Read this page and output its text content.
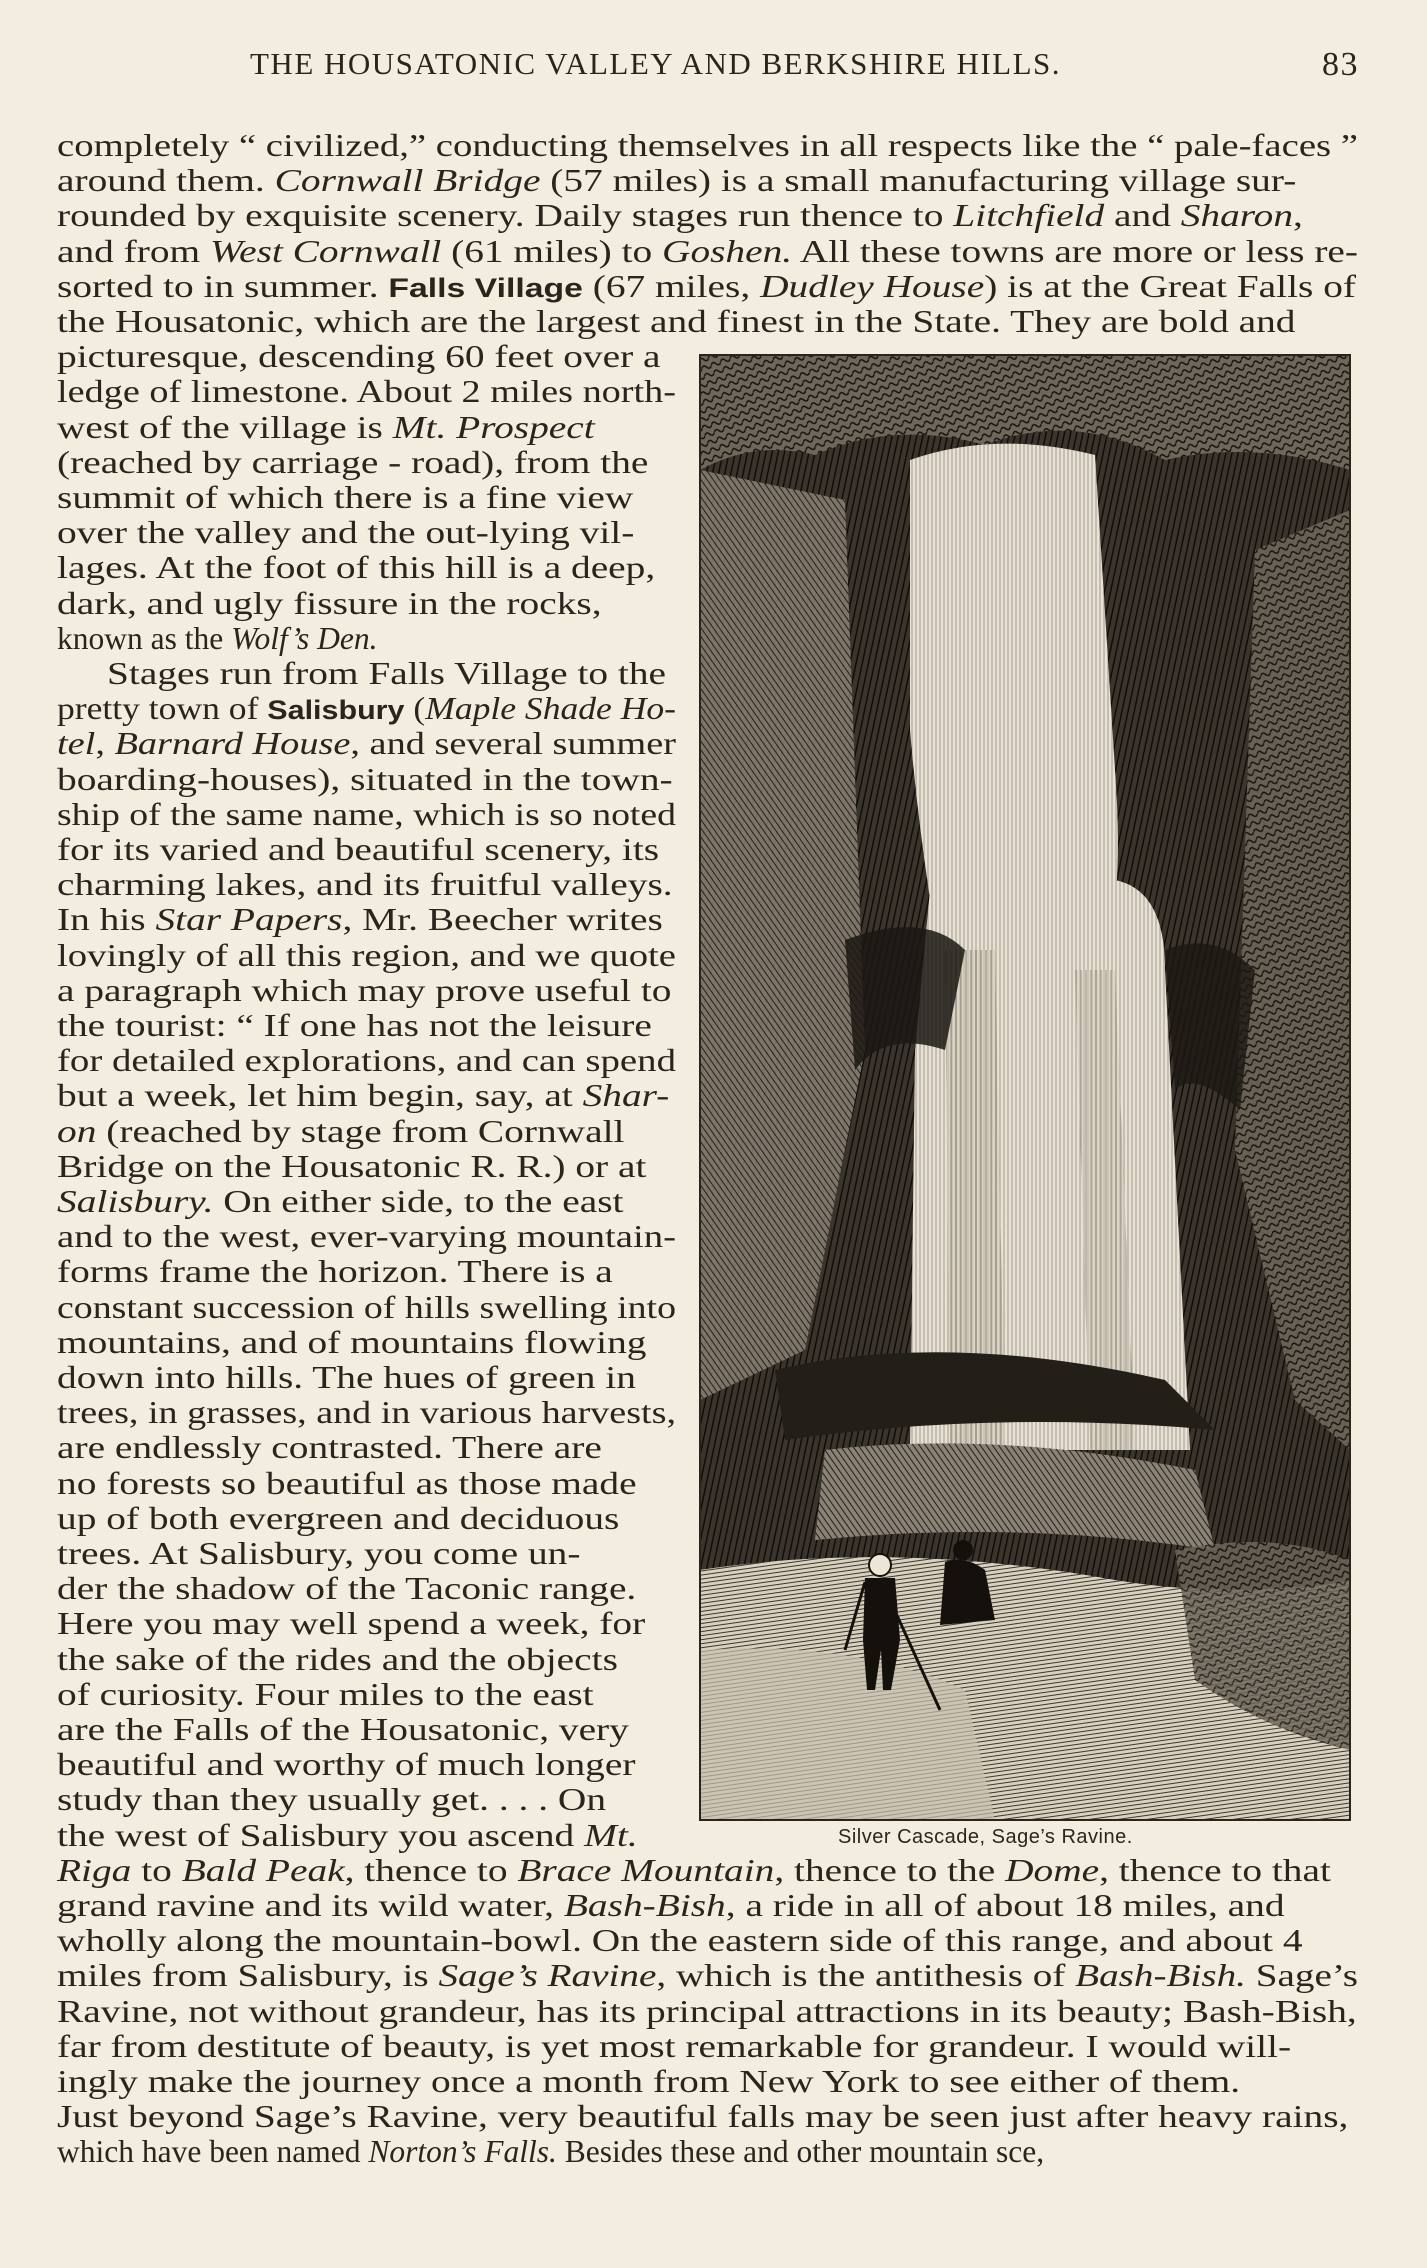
THE HOUSATONIC VALLEY AND BERKSHIRE HILLS.	83
completely “ civilized,” conducting themselves in all respects like the “ pale-faces ”
around them. Cornwall Bridge (57 miles) is a small manufacturing village sur-
rounded by exquisite scenery. Daily stages run thence to Litchfield and Sharon,
and from West Cornwall (61 miles) to Goshen. All these towns are more or less re-
sorted to in summer. Falls Village (67 miles, Dudley House) is at the Great Falls of
the Housatonic, which are the largest and finest in the State. They are bold and
picturesque, descending 60 feet over a
ledge of limestone. About 2 miles north-
west of the village is Mt. Prospect
(reached by carriage - road), from the
summit of which there is a fine view
over the valley and the out-lying vil-
lages. At the foot of this hill is a deep,
dark, and ugly fissure in the rocks,
known as the Wolf’s Den.
Stages run from Falls Village to the
pretty town of Salisbury (Maple Shade Ho-
tel, Barnard House, and several summer
boarding-houses), situated in the town-
ship of the same name, which is so noted
for its varied and beautiful scenery, its
charming lakes, and its fruitful valleys.
In his Star Papers, Mr. Beecher writes
lovingly of all this region, and we quote
a paragraph which may prove useful to
the tourist: “ If one has not the leisure
for detailed explorations, and can spend
but a week, let him begin, say, at Shar-
on (reached by stage from Cornwall
Bridge on the Housatonic R. R.) or at
Salisbury. On either side, to the east
and to the west, ever-varying mountain-
forms frame the horizon. There is a
constant succession of hills swelling into
mountains, and of mountains flowing
down into hills. The hues of green in
trees, in grasses, and in various harvests,
are endlessly contrasted. There are
no forests so beautiful as those made
up of both evergreen and deciduous
trees. At Salisbury, you come un-
der the shadow of the Taconic range.
Here you may well spend a week, for
the sake of the rides and the objects
of curiosity. Four miles to the east
are the Falls of the Housatonic, very
beautiful and worthy of much longer
study than they usually get. . . . On
the west of Salisbury you ascend Mt.
Riga to Bald Peak, thence to Brace Mountain, thence to the Dome, thence to that
grand ravine and its wild water, Bash-Bish, a ride in all of about 18 miles, and
wholly along the mountain-bowl. On the eastern side of this range, and about 4
miles from Salisbury, is Sage’s Ravine, which is the antithesis of Bash-Bish. Sage’s
Ravine, not without grandeur, has its principal attractions in its beauty; Bash-Bish,
far from destitute of beauty, is yet most remarkable for grandeur. I would will-
ingly make the journey once a month from New York to see either of them.
Just beyond Sage’s Ravine, very beautiful falls may be seen just after heavy rains,
which have been named Norton’s Falls. Besides these and other mountain sce,
Silver Cascade, Sage’s Ravine.
